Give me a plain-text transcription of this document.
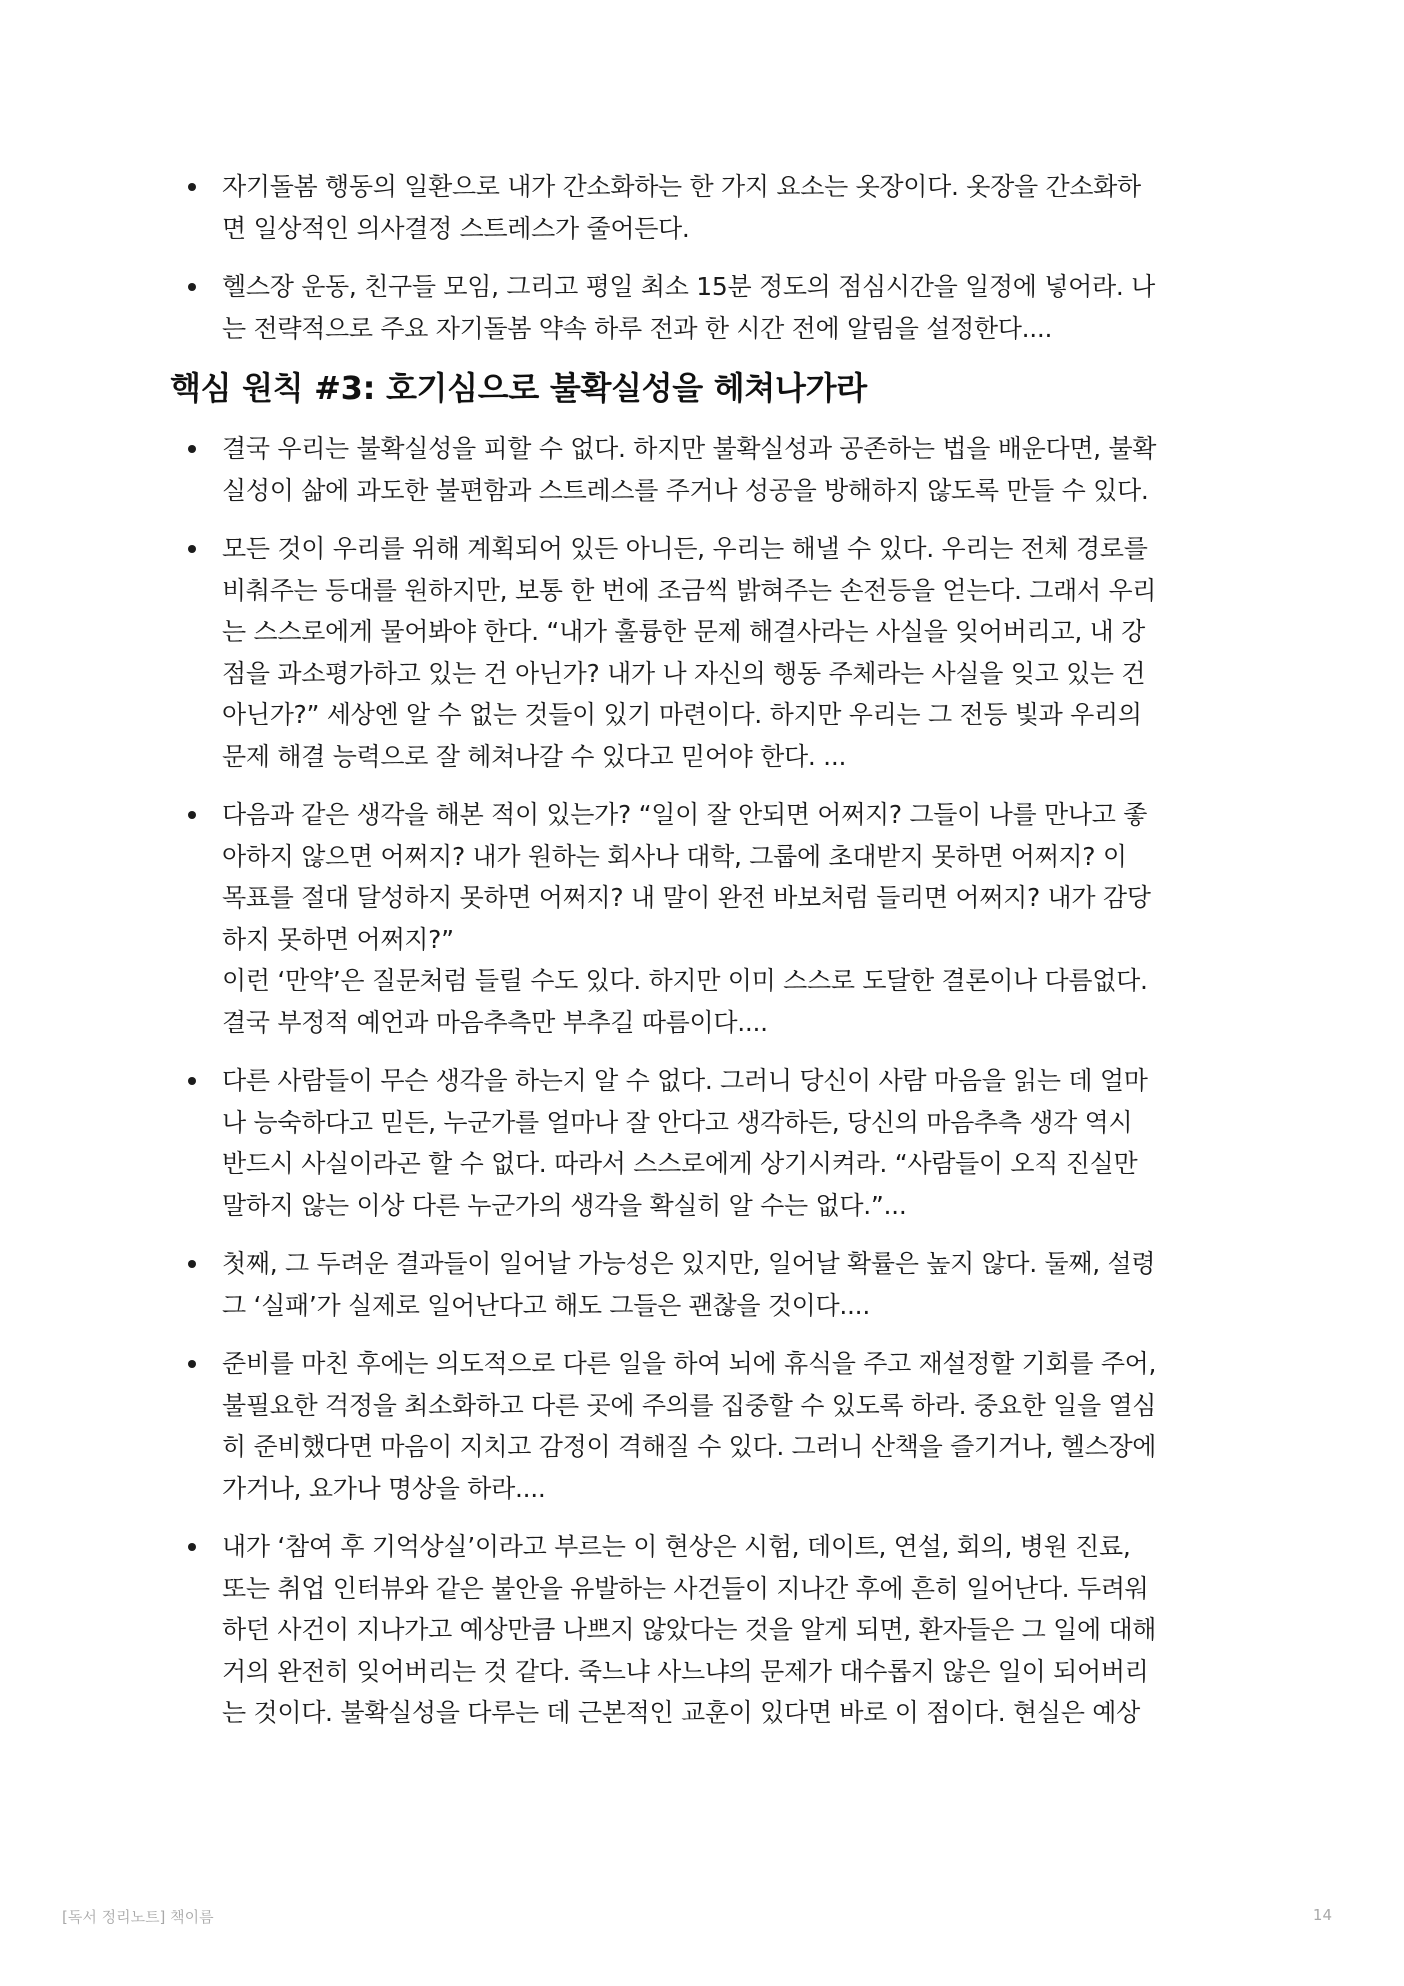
자기돌봄 행동의 일환으로 내가 간소화하는 한 가지 요소는 옷장이다. 옷장을 간소화하
면 일상적인 의사결정 스트레스가 줄어든다.
헬스장 운동, 친구들 모임, 그리고 평일 최소 15분 정도의 점심시간을 일정에 넣어라. 나
는 전략적으로 주요 자기돌봄 약속 하루 전과 한 시간 전에 알림을 설정한다....
핵심 원칙 #3: 호기심으로 불확실성을 헤쳐나가라
결국 우리는 불확실성을 피할 수 없다. 하지만 불확실성과 공존하는 법을 배운다면, 불확
실성이 삶에 과도한 불편함과 스트레스를 주거나 성공을 방해하지 않도록 만들 수 있다.
모든 것이 우리를 위해 계획되어 있든 아니든, 우리는 해낼 수 있다. 우리는 전체 경로를
비춰주는 등대를 원하지만, 보통 한 번에 조금씩 밝혀주는 손전등을 얻는다. 그래서 우리
는 스스로에게 물어봐야 한다. “내가 훌륭한 문제 해결사라는 사실을 잊어버리고, 내 강
점을 과소평가하고 있는 건 아닌가? 내가 나 자신의 행동 주체라는 사실을 잊고 있는 건
아닌가?” 세상엔 알 수 없는 것들이 있기 마련이다. 하지만 우리는 그 전등 빛과 우리의
문제 해결 능력으로 잘 헤쳐나갈 수 있다고 믿어야 한다. ...
다음과 같은 생각을 해본 적이 있는가? “일이 잘 안되면 어쩌지? 그들이 나를 만나고 좋
아하지 않으면 어쩌지? 내가 원하는 회사나 대학, 그룹에 초대받지 못하면 어쩌지? 이
목표를 절대 달성하지 못하면 어쩌지? 내 말이 완전 바보처럼 들리면 어쩌지? 내가 감당
하지 못하면 어쩌지?”
이런 ‘만약’은 질문처럼 들릴 수도 있다. 하지만 이미 스스로 도달한 결론이나 다름없다.
결국 부정적 예언과 마음추측만 부추길 따름이다....
다른 사람들이 무슨 생각을 하는지 알 수 없다. 그러니 당신이 사람 마음을 읽는 데 얼마
나 능숙하다고 믿든, 누군가를 얼마나 잘 안다고 생각하든, 당신의 마음추측 생각 역시
반드시 사실이라곤 할 수 없다. 따라서 스스로에게 상기시켜라. “사람들이 오직 진실만
말하지 않는 이상 다른 누군가의 생각을 확실히 알 수는 없다.”...
첫째, 그 두려운 결과들이 일어날 가능성은 있지만, 일어날 확률은 높지 않다. 둘째, 설령
그 ‘실패’가 실제로 일어난다고 해도 그들은 괜찮을 것이다....
준비를 마친 후에는 의도적으로 다른 일을 하여 뇌에 휴식을 주고 재설정할 기회를 주어,
불필요한 걱정을 최소화하고 다른 곳에 주의를 집중할 수 있도록 하라. 중요한 일을 열심
히 준비했다면 마음이 지치고 감정이 격해질 수 있다. 그러니 산책을 즐기거나, 헬스장에
가거나, 요가나 명상을 하라....
내가 ‘참여 후 기억상실’이라고 부르는 이 현상은 시험, 데이트, 연설, 회의, 병원 진료,
또는 취업 인터뷰와 같은 불안을 유발하는 사건들이 지나간 후에 흔히 일어난다. 두려워
하던 사건이 지나가고 예상만큼 나쁘지 않았다는 것을 알게 되면, 환자들은 그 일에 대해
거의 완전히 잊어버리는 것 같다. 죽느냐 사느냐의 문제가 대수롭지 않은 일이 되어버리
는 것이다. 불확실성을 다루는 데 근본적인 교훈이 있다면 바로 이 점이다. 현실은 예상
[독서 정리노트] 책이름	14
